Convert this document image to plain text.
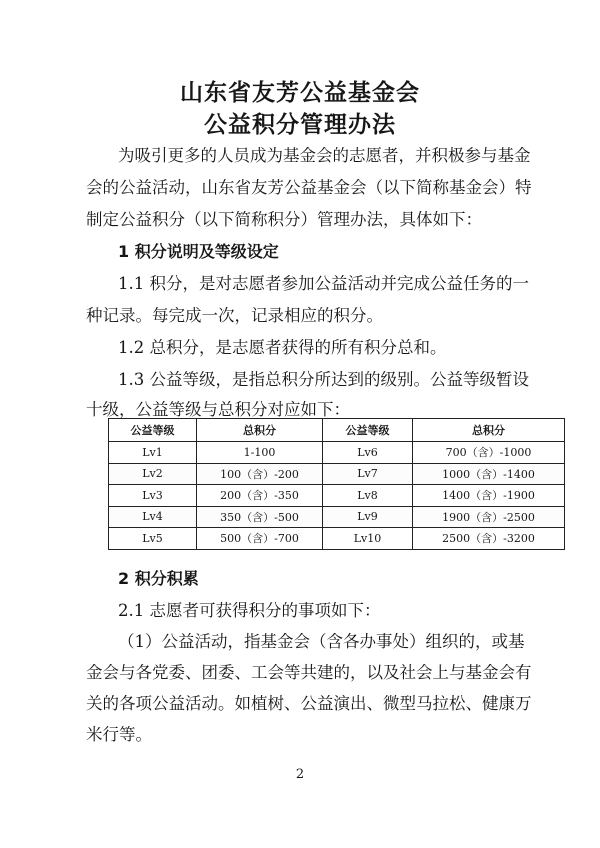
山东省友芳公益基金会
公益积分管理办法

为吸引更多的人员成为基金会的志愿者，并积极参与基金

会的公益活动，山东省友芳公益基金会（以下简称基金会）特

制定公益积分（以下简称积分）管理办法，具体如下：

1 积分说明及等级设定

1.1 积分，是对志愿者参加公益活动并完成公益任务的一

种记录。每完成一次，记录相应的积分。

1.2 总积分，是志愿者获得的所有积分总和。

1.3 公益等级，是指总积分所达到的级别。公益等级暂设

十级，公益等级与总积分对应如下：

公益等级	总积分	公益等级	总积分
Lv1	1-100	Lv6	700（含）-1000
Lv2	100（含）-200	Lv7	1000（含）-1400
Lv3	200（含）-350	Lv8	1400（含）-1900
Lv4	350（含）-500	Lv9	1900（含）-2500
Lv5	500（含）-700	Lv10	2500（含）-3200

2 积分积累

2.1 志愿者可获得积分的事项如下：

（1）公益活动，指基金会（含各办事处）组织的，或基

金会与各党委、团委、工会等共建的，以及社会上与基金会有

关的各项公益活动。如植树、公益演出、微型马拉松、健康万

米行等。

2
